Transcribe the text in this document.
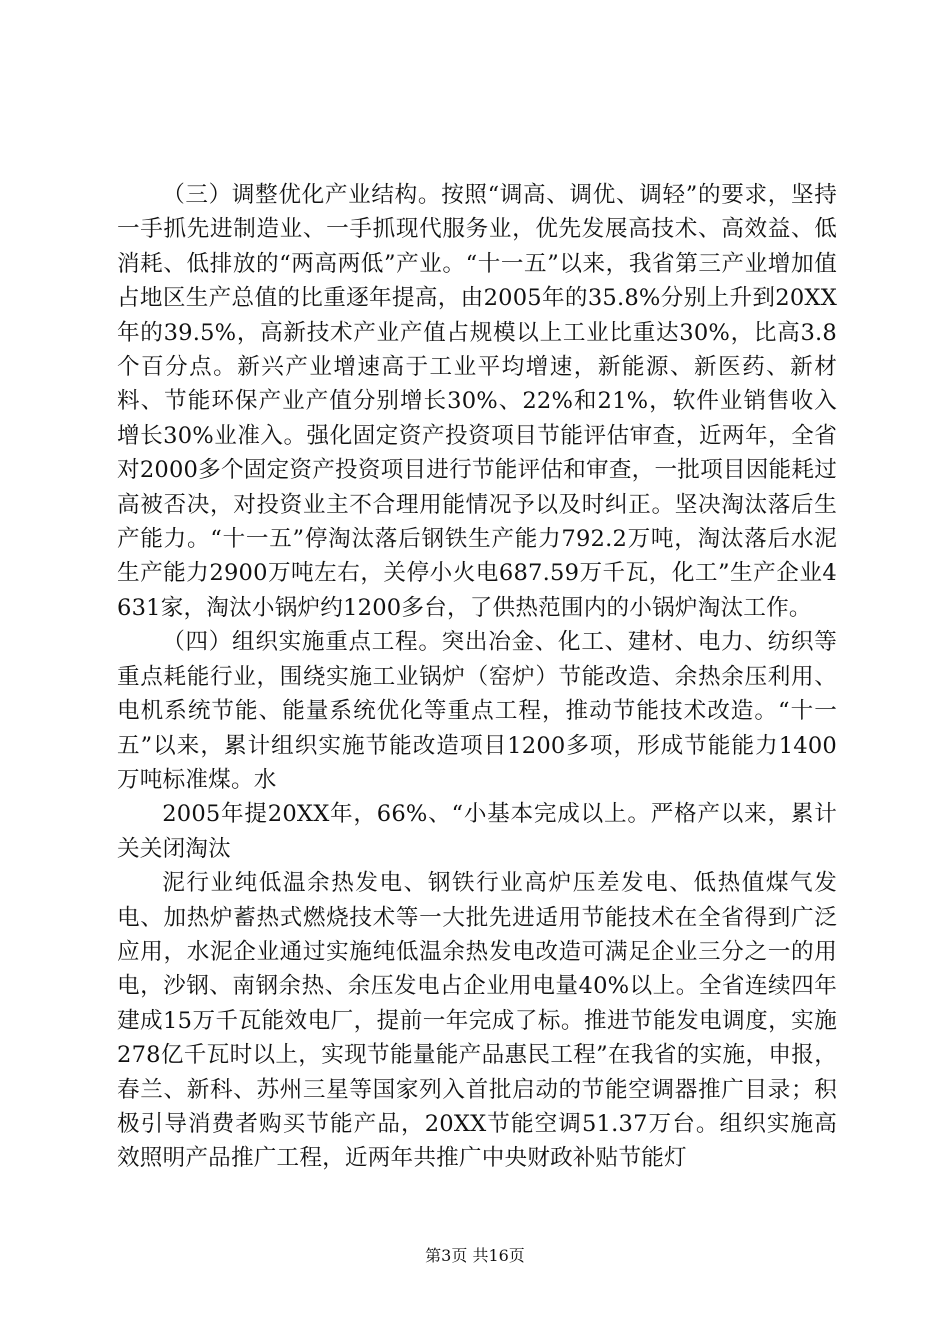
（三）调整优化产业结构。按照“调高、调优、调轻”的要求，坚持一手抓先进制造业、一手抓现代服务业，优先发展高技术、高效益、低消耗、低排放的“两高两低”产业。“十一五”以来，我省第三产业增加值占地区生产总值的比重逐年提高，由2005年的35.8%分别上升到20XX年的39.5%，高新技术产业产值占规模以上工业比重达30%，比高3.8个百分点。新兴产业增速高于工业平均增速，新能源、新医药、新材料、节能环保产业产值分别增长30%、22%和21%，软件业销售收入增长30%业准入。强化固定资产投资项目节能评估审查，近两年，全省对2000多个固定资产投资项目进行节能评估和审查，一批项目因能耗过高被否决，对投资业主不合理用能情况予以及时纠正。坚决淘汰落后生产能力。“十一五”停淘汰落后钢铁生产能力792.2万吨，淘汰落后水泥生产能力2900万吨左右，关停小火电687.59万千瓦，化工”生产企业4631家，淘汰小锅炉约1200多台，了供热范围内的小锅炉淘汰工作。

（四）组织实施重点工程。突出冶金、化工、建材、电力、纺织等重点耗能行业，围绕实施工业锅炉（窑炉）节能改造、余热余压利用、电机系统节能、能量系统优化等重点工程，推动节能技术改造。“十一五”以来，累计组织实施节能改造项目1200多项，形成节能能力1400万吨标准煤。水

2005年提20XX年，66%、“小基本完成以上。严格产以来，累计关关闭淘汰

泥行业纯低温余热发电、钢铁行业高炉压差发电、低热值煤气发电、加热炉蓄热式燃烧技术等一大批先进适用节能技术在全省得到广泛应用，水泥企业通过实施纯低温余热发电改造可满足企业三分之一的用电，沙钢、南钢余热、余压发电占企业用电量40%以上。全省连续四年建成15万千瓦能效电厂，提前一年完成了标。推进节能发电调度，实施278亿千瓦时以上，实现节能量能产品惠民工程”在我省的实施，申报，春兰、新科、苏州三星等国家列入首批启动的节能空调器推广目录；积极引导消费者购买节能产品，20XX节能空调51.37万台。组织实施高效照明产品推广工程，近两年共推广中央财政补贴节能灯

第3页 共16页
